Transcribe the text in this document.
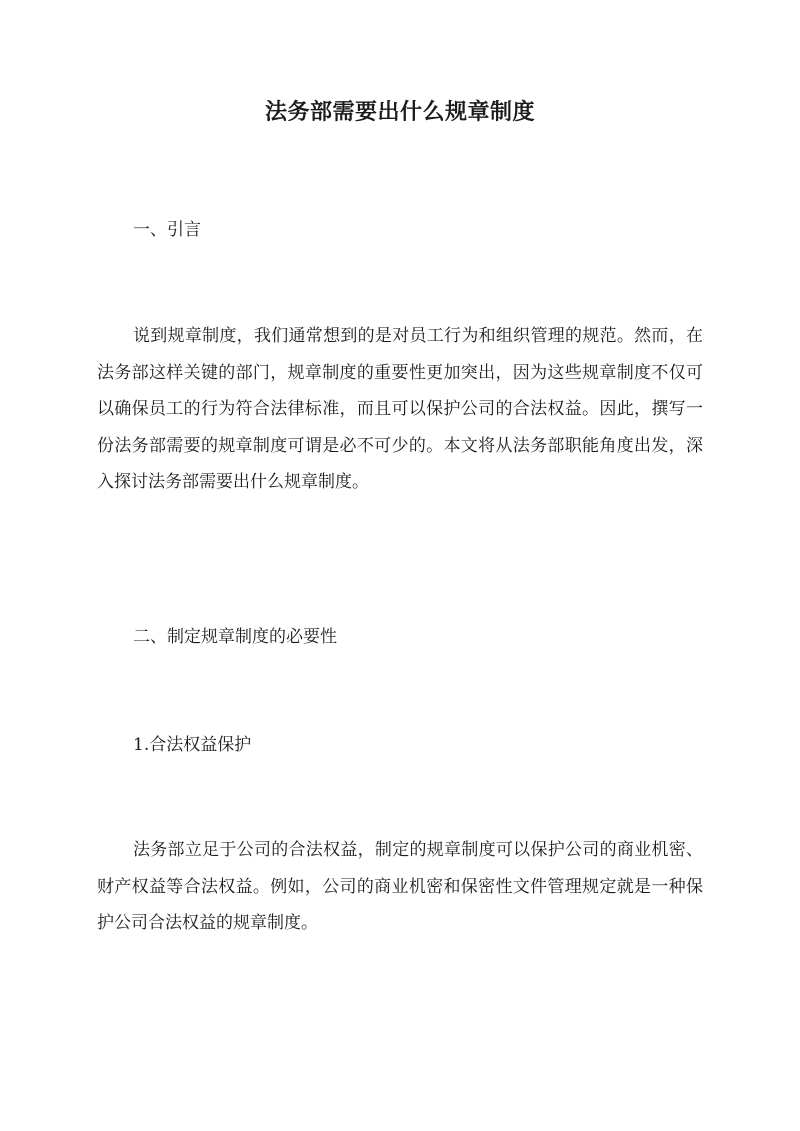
法务部需要出什么规章制度
一、引言
说到规章制度，我们通常想到的是对员工行为和组织管理的规范。然而，在法务部这样关键的部门，规章制度的重要性更加突出，因为这些规章制度不仅可以确保员工的行为符合法律标准，而且可以保护公司的合法权益。因此，撰写一份法务部需要的规章制度可谓是必不可少的。本文将从法务部职能角度出发，深入探讨法务部需要出什么规章制度。
二、制定规章制度的必要性
1.合法权益保护
法务部立足于公司的合法权益，制定的规章制度可以保护公司的商业机密、财产权益等合法权益。例如，公司的商业机密和保密性文件管理规定就是一种保护公司合法权益的规章制度。
